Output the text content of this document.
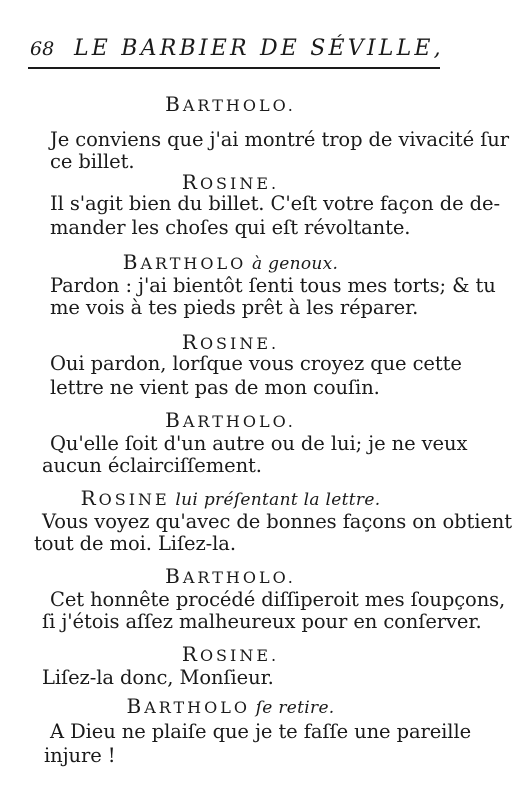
68 LE BARBIER DE SÉVILLE,
BARTHOLO.
Je conviens que j'ai montré trop de vivacité ſur
ce billet.
ROSINE.
Il s'agit bien du billet. C'eſt votre façon de de-
mander les choſes qui eſt révoltante.
BARTHOLO à genoux.
Pardon : j'ai bientôt ſenti tous mes torts; & tu
me vois à tes pieds prêt à les réparer.
ROSINE.
Oui pardon, lorſque vous croyez que cette
lettre ne vient pas de mon couſin.
BARTHOLO.
Qu'elle ſoit d'un autre ou de lui; je ne veux
aucun éclairciſſement.
ROSINE lui préſentant la lettre.
Vous voyez qu'avec de bonnes façons on obtient
tout de moi. Liſez-la.
BARTHOLO.
Cet honnête procédé diſſiperoit mes ſoupçons,
ſi j'étois aſſez malheureux pour en conſerver.
ROSINE.
Liſez-la donc, Monſieur.
BARTHOLO ſe retire.
A Dieu ne plaiſe que je te faſſe une pareille
injure !
